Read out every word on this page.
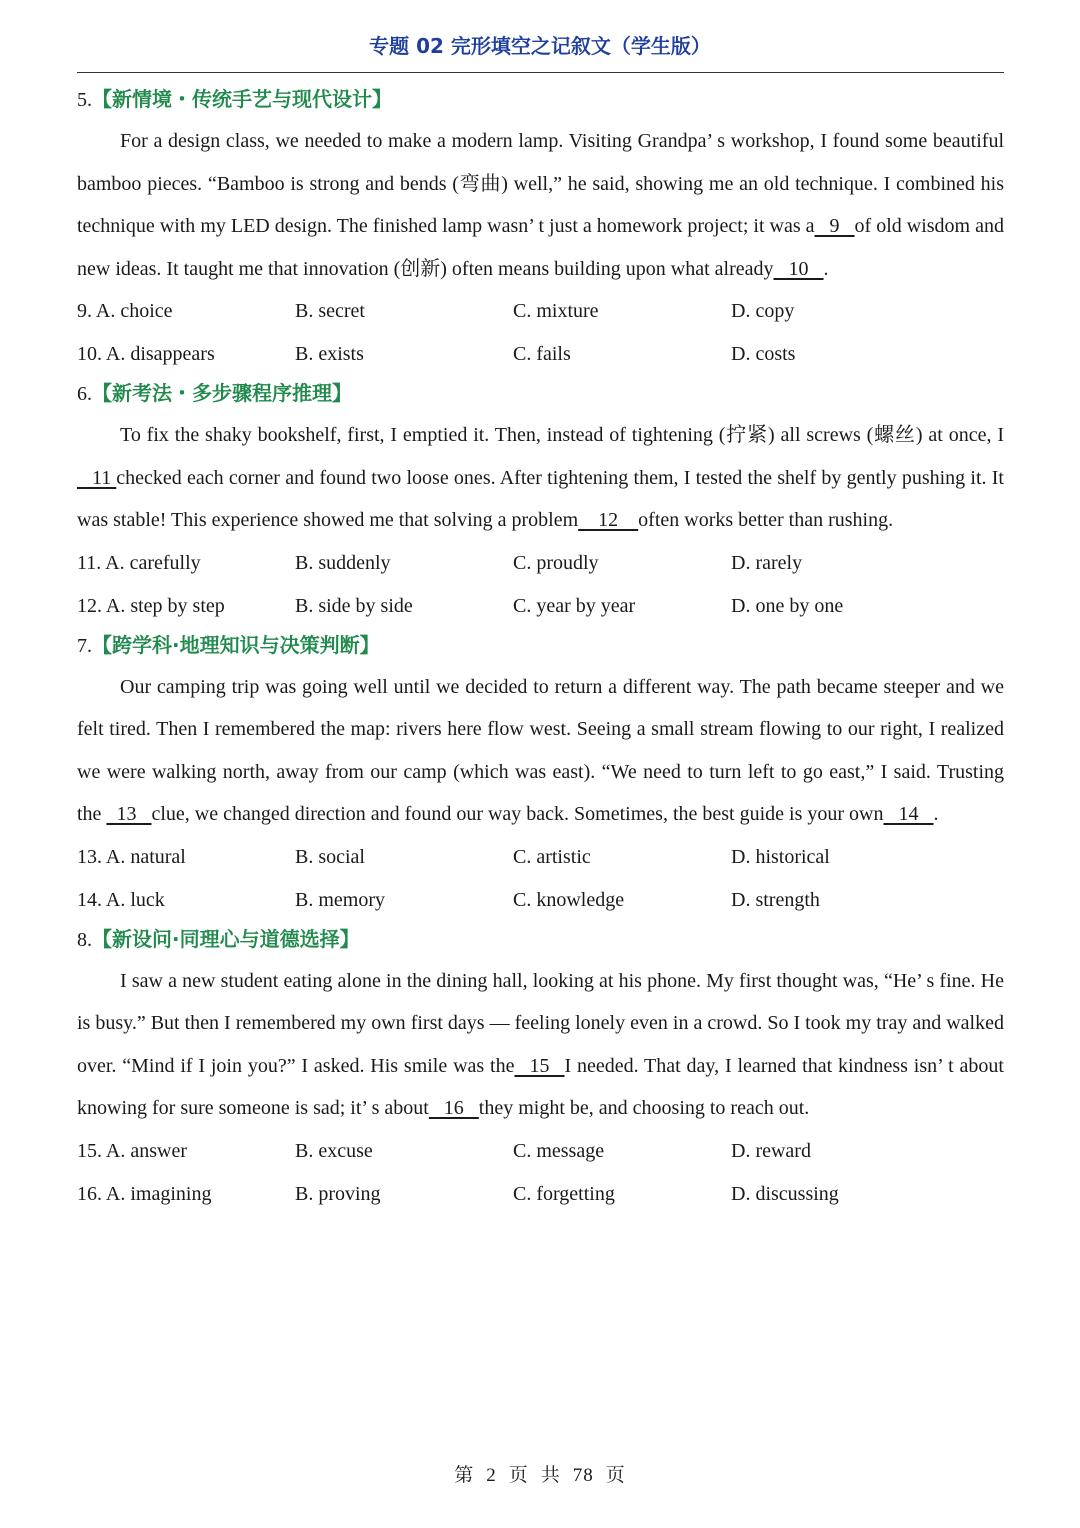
专题 02 完形填空之记叙文（学生版）
5.【新情境・传统手艺与现代设计】

For a design class, we needed to make a modern lamp. Visiting Grandpa’ s workshop, I found some beautiful bamboo pieces. “Bamboo is strong and bends (弯曲) well,” he said, showing me an old technique. I combined his technique with my LED design. The finished lamp wasn’ t just a homework project; it was a   9   of old wisdom and new ideas. It taught me that innovation (创新) often means building upon what already   10   .

9. A. choice	B. secret	C. mixture	D. copy
10. A. disappears	B. exists	C. fails	D. costs
6.【新考法・多步骤程序推理】

To fix the shaky bookshelf, first, I emptied it. Then, instead of tightening (拧紧) all screws (螺丝) at once, I   11 checked each corner and found two loose ones. After tightening them, I tested the shelf by gently pushing it. It was stable! This experience showed me that solving a problem    12    often works better than rushing.

11. A. carefully	B. suddenly	C. proudly	D. rarely
12. A. step by step	B. side by side	C. year by year	D. one by one
7.【跨学科·地理知识与决策判断】

Our camping trip was going well until we decided to return a different way. The path became steeper and we felt tired. Then I remembered the map: rivers here flow west. Seeing a small stream flowing to our right, I realized we were walking north, away from our camp (which was east). “We need to turn left to go east,” I said. Trusting the   13   clue, we changed direction and found our way back. Sometimes, the best guide is your own   14   .

13. A. natural	B. social	C. artistic	D. historical
14. A. luck	B. memory	C. knowledge	D. strength
8.【新设问·同理心与道德选择】

I saw a new student eating alone in the dining hall, looking at his phone. My first thought was, “He’ s fine. He is busy.” But then I remembered my own first days — feeling lonely even in a crowd. So I took my tray and walked over. “Mind if I join you?” I asked. His smile was the   15   I needed. That day, I learned that kindness isn’ t about knowing for sure someone is sad; it’ s about   16   they might be, and choosing to reach out.

15. A. answer	B. excuse	C. message	D. reward
16. A. imagining	B. proving	C. forgetting	D. discussing
第 2 页 共 78 页
